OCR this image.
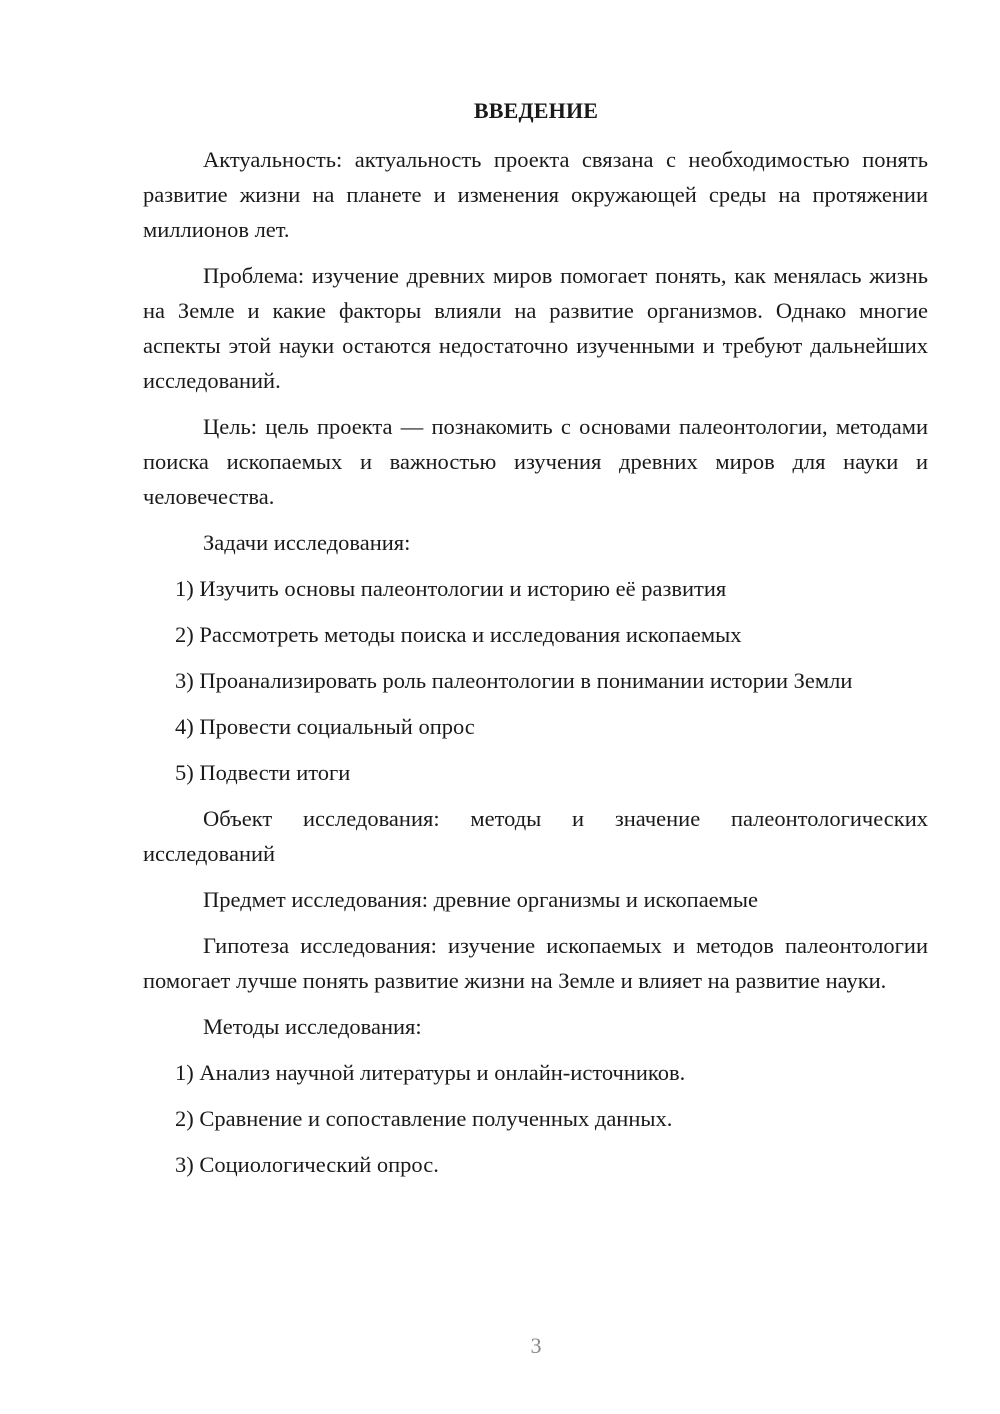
ВВЕДЕНИЕ

Актуальность: актуальность проекта связана с необходимостью понять развитие жизни на планете и изменения окружающей среды на протяжении миллионов лет.

Проблема: изучение древних миров помогает понять, как менялась жизнь на Земле и какие факторы влияли на развитие организмов. Однако многие аспекты этой науки остаются недостаточно изученными и требуют дальнейших исследований.

Цель: цель проекта — познакомить с основами палеонтологии, методами поиска ископаемых и важностью изучения древних миров для науки и человечества.

Задачи исследования:

1) Изучить основы палеонтологии и историю её развития

2) Рассмотреть методы поиска и исследования ископаемых

3) Проанализировать роль палеонтологии в понимании истории Земли

4) Провести социальный опрос

5) Подвести итоги

Объект исследования: методы и значение палеонтологических исследований

Предмет исследования: древние организмы и ископаемые

Гипотеза исследования: изучение ископаемых и методов палеонтологии помогает лучше понять развитие жизни на Земле и влияет на развитие науки.

Методы исследования:

1) Анализ научной литературы и онлайн-источников.

2) Сравнение и сопоставление полученных данных.

3) Социологический опрос.

3
